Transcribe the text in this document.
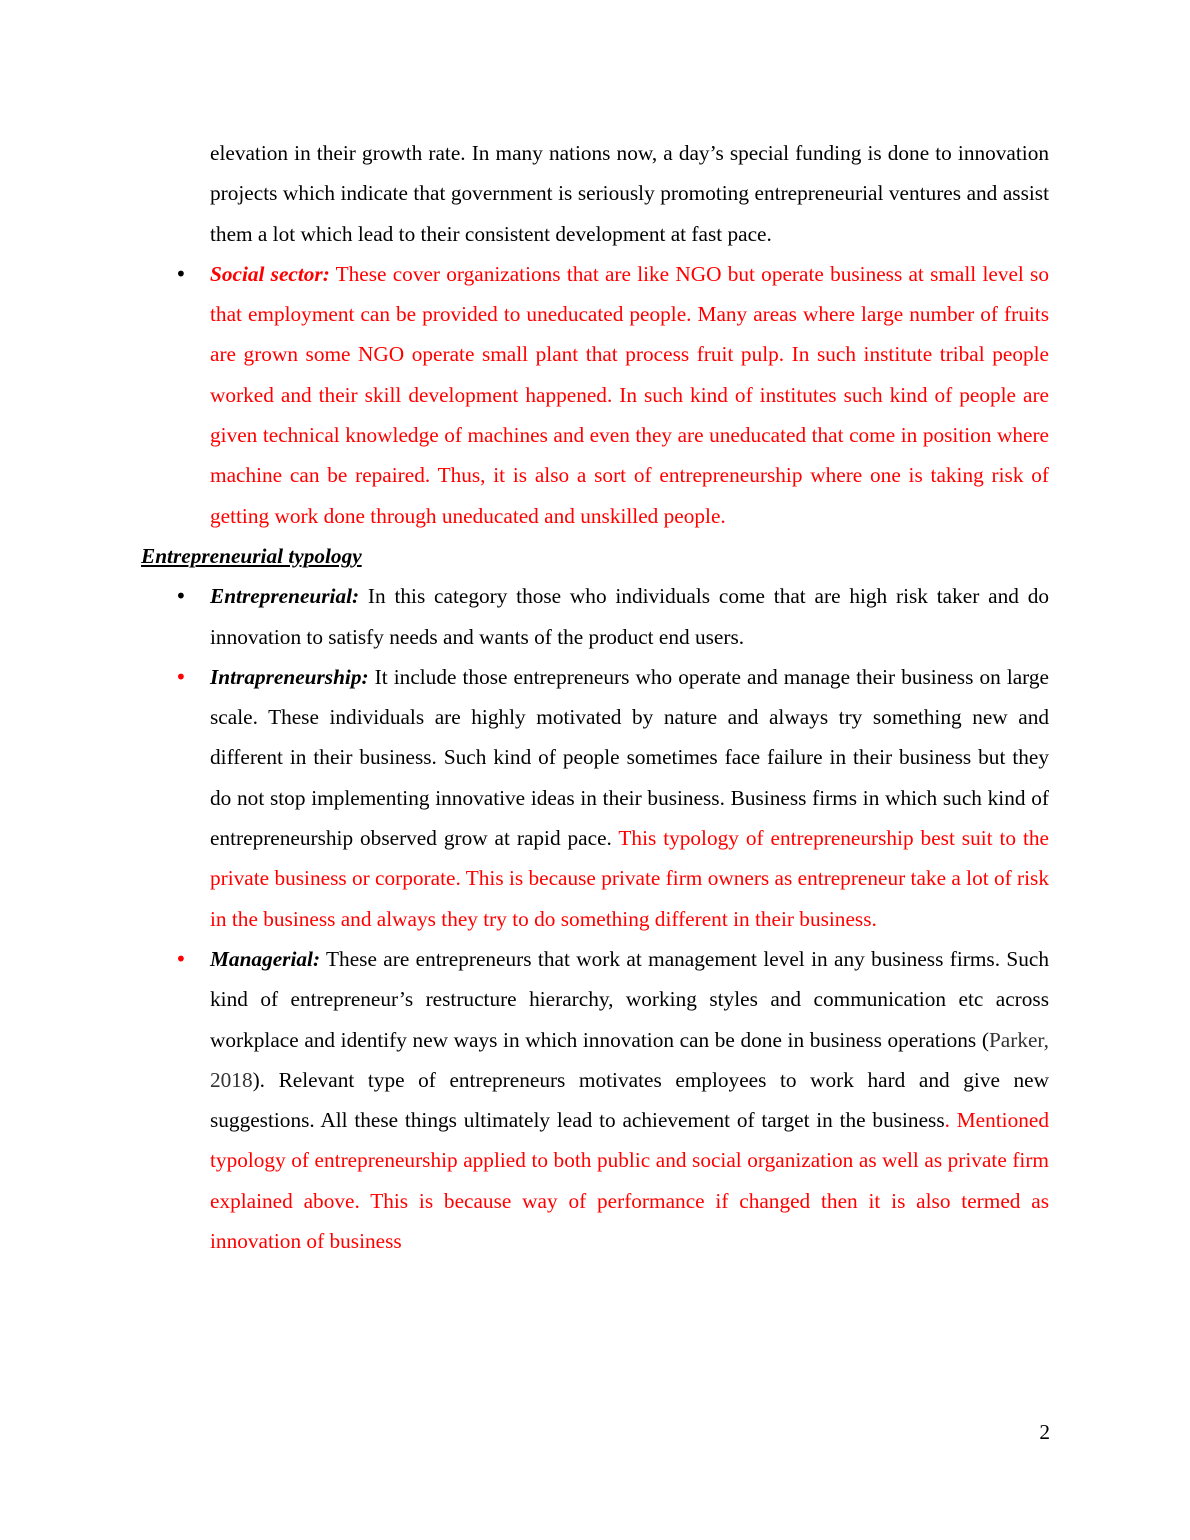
elevation in their growth rate. In many nations now, a day’s special funding is done to innovation projects which indicate that government is seriously promoting entrepreneurial ventures and assist them a lot which lead to their consistent development at fast pace.

• Social sector: These cover organizations that are like NGO but operate business at small level so that employment can be provided to uneducated people. Many areas where large number of fruits are grown some NGO operate small plant that process fruit pulp. In such institute tribal people worked and their skill development happened. In such kind of institutes such kind of people are given technical knowledge of machines and even they are uneducated that come in position where machine can be repaired. Thus, it is also a sort of entrepreneurship where one is taking risk of getting work done through uneducated and unskilled people.

Entrepreneurial typology

• Entrepreneurial: In this category those who individuals come that are high risk taker and do innovation to satisfy needs and wants of the product end users.

• Intrapreneurship: It include those entrepreneurs who operate and manage their business on large scale. These individuals are highly motivated by nature and always try something new and different in their business. Such kind of people sometimes face failure in their business but they do not stop implementing innovative ideas in their business. Business firms in which such kind of entrepreneurship observed grow at rapid pace. This typology of entrepreneurship best suit to the private business or corporate. This is because private firm owners as entrepreneur take a lot of risk in the business and always they try to do something different in their business.

• Managerial: These are entrepreneurs that work at management level in any business firms. Such kind of entrepreneur’s restructure hierarchy, working styles and communication etc across workplace and identify new ways in which innovation can be done in business operations (Parker, 2018). Relevant type of entrepreneurs motivates employees to work hard and give new suggestions. All these things ultimately lead to achievement of target in the business. Mentioned typology of entrepreneurship applied to both public and social organization as well as private firm explained above. This is because way of performance if changed then it is also termed as innovation of business

2
